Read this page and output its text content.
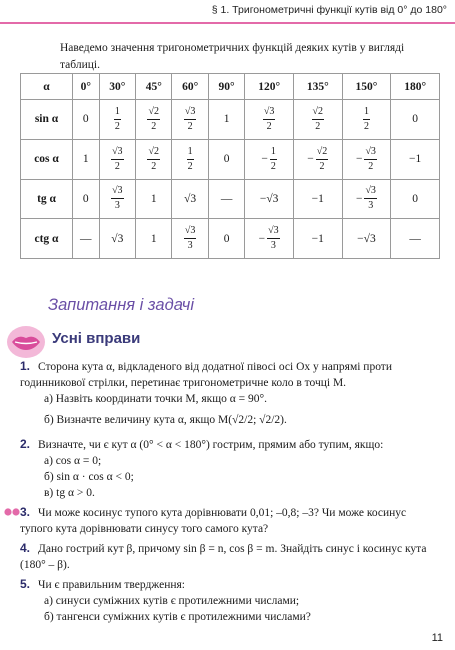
§ 1. Тригонометричні функції кутів від 0° до 180°

Наведемо значення тригонометричних функцій деяких кутів у вигляді таблиці.

α	0°	30°	45°	60°	90°	120°	135°	150°	180°
sin α	0	$\frac{1}{2}$	$\frac{√2}{2}$	$\frac{√3}{2}$	1	$\frac{√3}{2}$	$\frac{√2}{2}$	$\frac{1}{2}$	0
cos α	1	$\frac{√3}{2}$	$\frac{√2}{2}$	$\frac{1}{2}$	0	− $\frac{1}{2}$	− $\frac{√2}{2}$	− $\frac{√3}{2}$	−1
tg α	0	$\frac{√3}{3}$	1	√3	—	−√3	−1	− $\frac{√3}{3}$	0
ctg α	—	√3	1	$\frac{√3}{3}$	0	− $\frac{√3}{3}$	−1	−√3	—
Запитання і задачі
Усні вправи
1. Сторона кута α, відкладеного від додатної півосі осі Ox у напрямі проти годинникової стрілки, перетинає тригонометричне коло в точці M.
а) Назвіть координати точки M, якщо α = 90°.
б) Визначте величину кута α, якщо M(√2/2; √2/2).
2. Визначте, чи є кут α (0° < α < 180°) гострим, прямим або тупим, якщо:
а) cos α = 0;
б) sin α · cos α < 0;
в) tg α > 0.
3. Чи може косинус тупого кута дорівнювати 0,01; –0,8; –3? Чи може косинус тупого кута дорівнювати синусу того самого кута?
4. Дано гострий кут β, причому sin β = n, cos β = m. Знайдіть синус і косинус кута (180° – β).
5. Чи є правильним твердження:
а) синуси суміжних кутів є протилежними числами;
б) тангенси суміжних кутів є протилежними числами?
11
